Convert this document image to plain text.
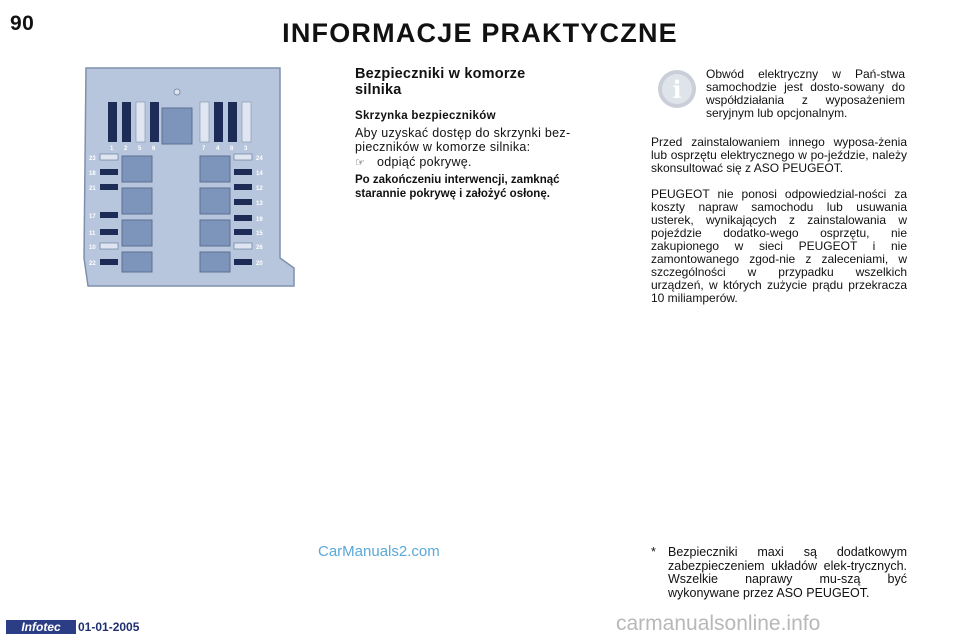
90	INFORMACJE PRAKTYCZNE
1 2 5 6	7 4 8 3
23
18
21
17
11
10
22
24
14
12
13
19
15
26
20
Bezpieczniki w komorze
silnika
Skrzynka bezpieczników
Aby uzyskać dostęp do skrzynki bez-pieczników w komorze silnika:
☞ odpiąć pokrywę.
Po zakończeniu interwencji, zamknąć starannie pokrywę i założyć osłonę.
i
Obwód elektryczny w Pań-stwa samochodzie jest dosto-sowany do współdziałania z wyposażeniem seryjnym lub opcjonalnym.
Przed zainstalowaniem innego wyposa-żenia lub osprzętu elektrycznego w po-jeździe, należy skonsultować się z ASO PEUGEOT.
PEUGEOT nie ponosi odpowiedzial-ności za koszty napraw samochodu lub usuwania usterek, wynikających z zainstalowania w pojeździe dodatko-wego osprzętu, nie zakupionego w sieci PEUGEOT i nie zamontowanego zgod-nie z zaleceniami, w szczególności w przypadku wszelkich urządzeń, w których zużycie prądu przekracza 10 miliamperów.
* Bezpieczniki maxi są dodatkowym zabezpieczeniem układów elek-trycznych. Wszelkie naprawy mu-szą być wykonywane przez ASO PEUGEOT.
CarManuals2.com
Infotec	01-01-2005	carmanualsonline.info
